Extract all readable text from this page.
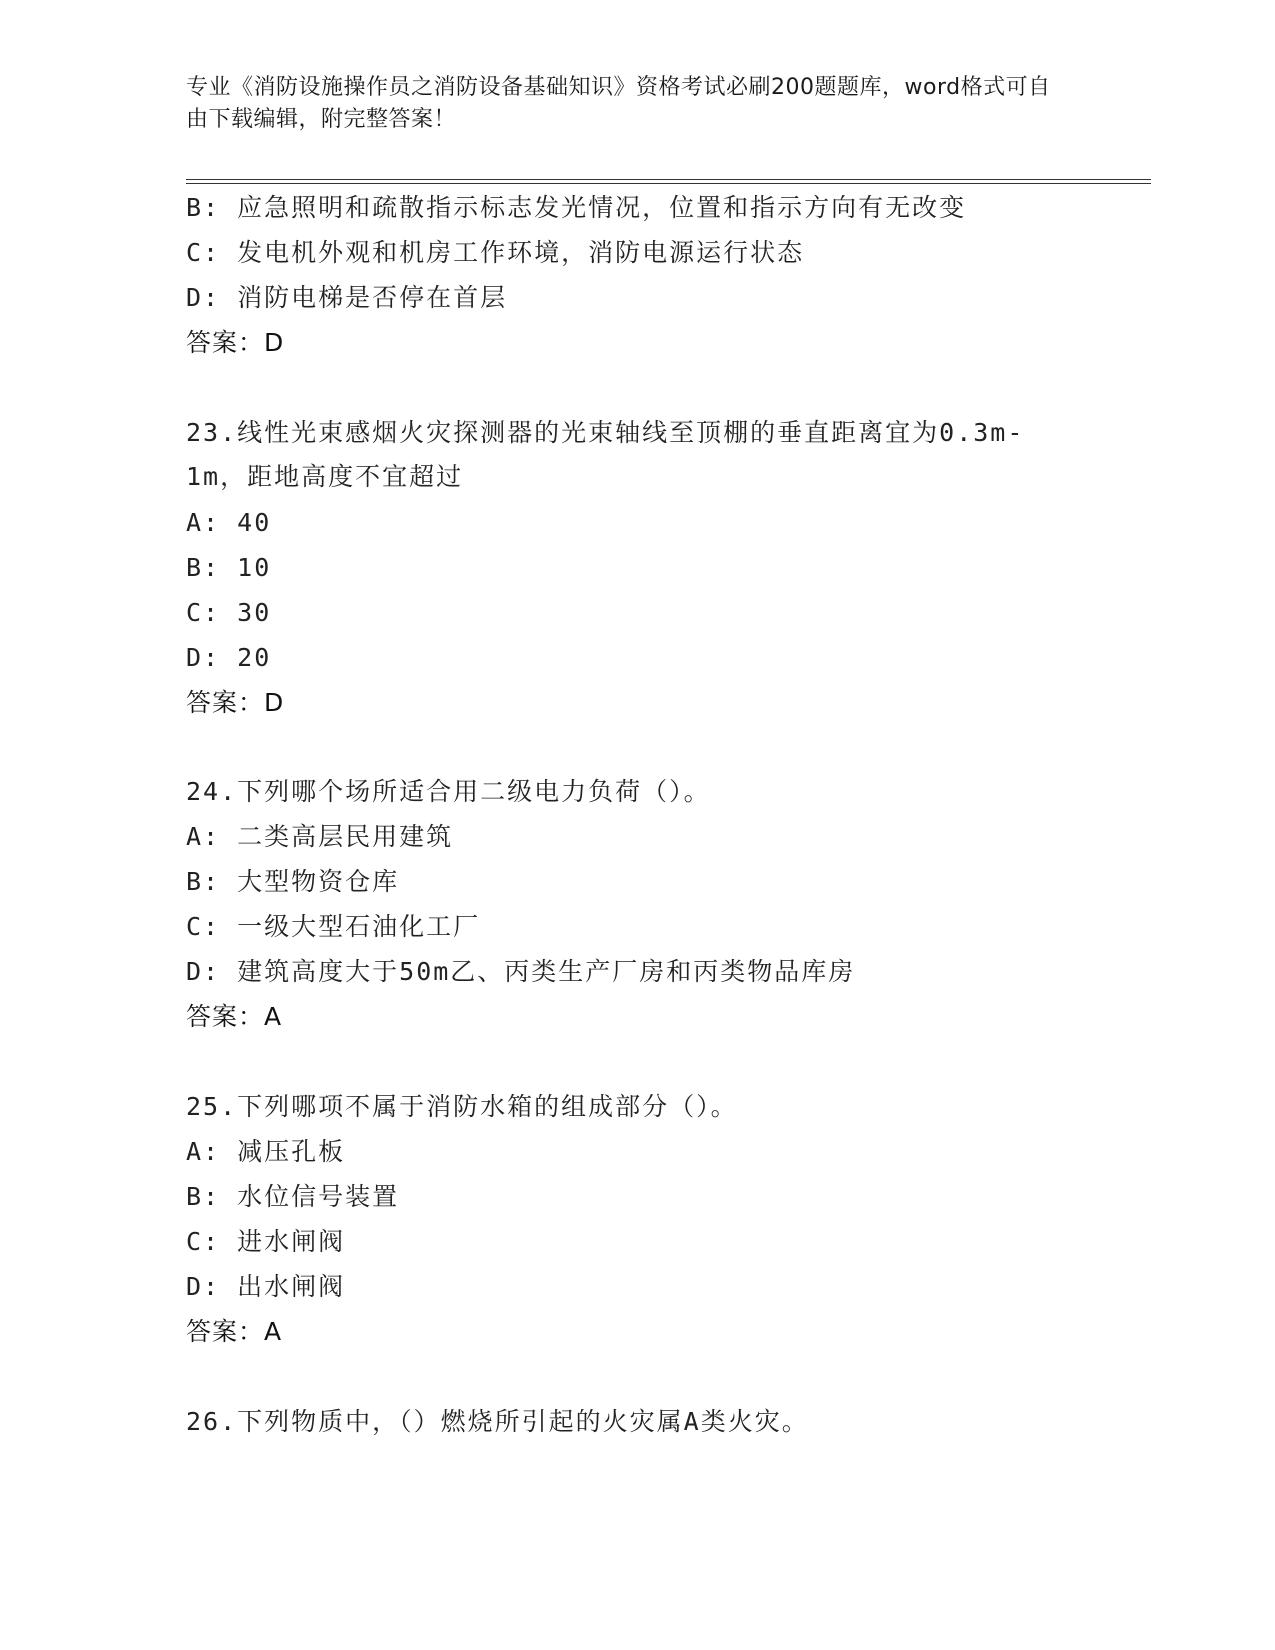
专业《消防设施操作员之消防设备基础知识》资格考试必刷200题题库，word格式可自由下载编辑，附完整答案！
B: 应急照明和疏散指示标志发光情况，位置和指示方向有无改变
C: 发电机外观和机房工作环境，消防电源运行状态
D: 消防电梯是否停在首层
答案：D
23.线性光束感烟火灾探测器的光束轴线至顶棚的垂直距离宜为0.3m-
1m，距地高度不宜超过
A: 40
B: 10
C: 30
D: 20
答案：D
24.下列哪个场所适合用二级电力负荷（）。
A: 二类高层民用建筑
B: 大型物资仓库
C: 一级大型石油化工厂
D: 建筑高度大于50m乙、丙类生产厂房和丙类物品库房
答案：A
25.下列哪项不属于消防水箱的组成部分（）。
A: 减压孔板
B: 水位信号装置
C: 进水闸阀
D: 出水闸阀
答案：A
26.下列物质中，（）燃烧所引起的火灾属A类火灾。
